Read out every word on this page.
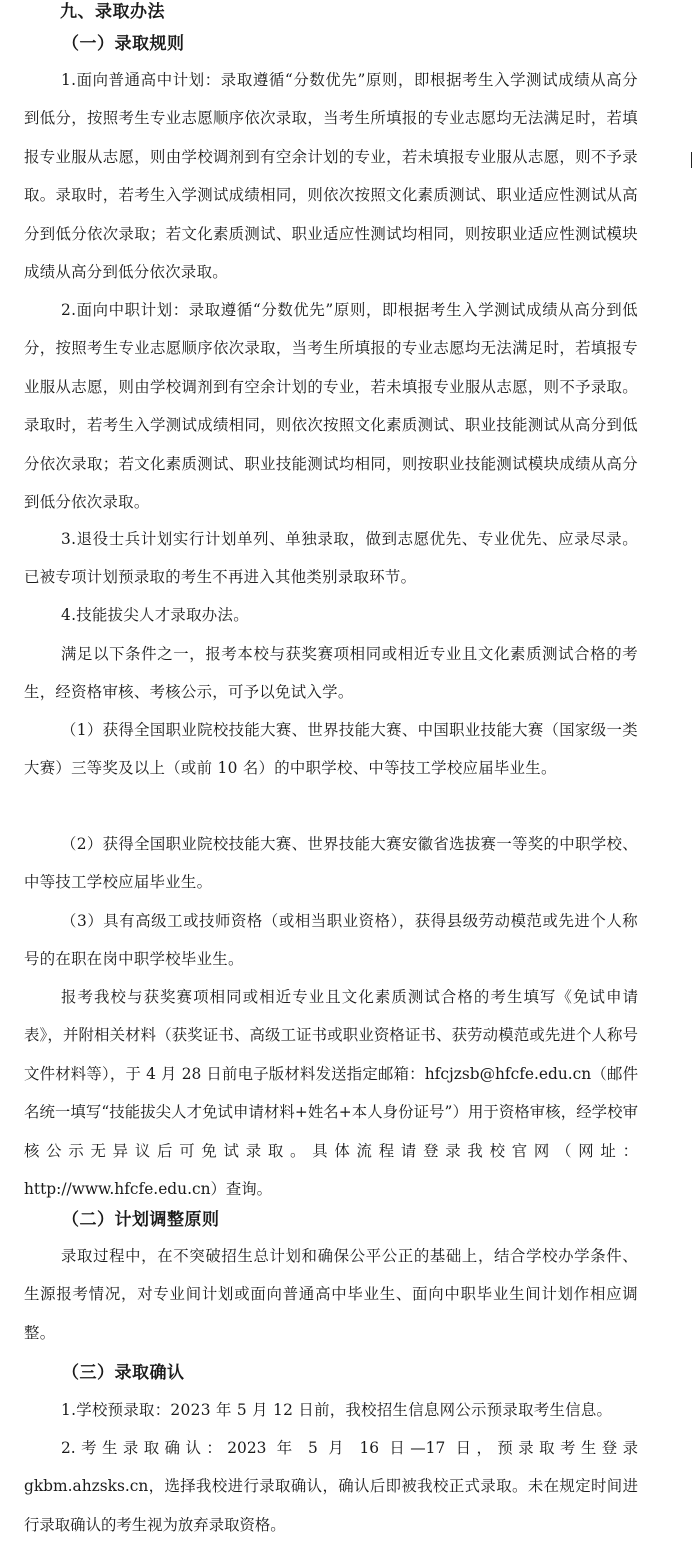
九、录取办法
（一）录取规则

1.面向普通高中计划：录取遵循“分数优先”原则，即根据考生入学测试成绩从高分到低分，按照考生专业志愿顺序依次录取，当考生所填报的专业志愿均无法满足时，若填报专业服从志愿，则由学校调剂到有空余计划的专业，若未填报专业服从志愿，则不予录取。录取时，若考生入学测试成绩相同，则依次按照文化素质测试、职业适应性测试从高分到低分依次录取；若文化素质测试、职业适应性测试均相同，则按职业适应性测试模块成绩从高分到低分依次录取。

2.面向中职计划：录取遵循“分数优先”原则，即根据考生入学测试成绩从高分到低分，按照考生专业志愿顺序依次录取，当考生所填报的专业志愿均无法满足时，若填报专业服从志愿，则由学校调剂到有空余计划的专业，若未填报专业服从志愿，则不予录取。录取时，若考生入学测试成绩相同，则依次按照文化素质测试、职业技能测试从高分到低分依次录取；若文化素质测试、职业技能测试均相同，则按职业技能测试模块成绩从高分到低分依次录取。

3.退役士兵计划实行计划单列、单独录取，做到志愿优先、专业优先、应录尽录。已被专项计划预录取的考生不再进入其他类别录取环节。

4.技能拔尖人才录取办法。

满足以下条件之一，报考本校与获奖赛项相同或相近专业且文化素质测试合格的考生，经资格审核、考核公示，可予以免试入学。

（1）获得全国职业院校技能大赛、世界技能大赛、中国职业技能大赛（国家级一类大赛）三等奖及以上（或前 10 名）的中职学校、中等技工学校应届毕业生。

（2）获得全国职业院校技能大赛、世界技能大赛安徽省选拔赛一等奖的中职学校、中等技工学校应届毕业生。

（3）具有高级工或技师资格（或相当职业资格），获得县级劳动模范或先进个人称号的在职在岗中职学校毕业生。

报考我校与获奖赛项相同或相近专业且文化素质测试合格的考生填写《免试申请表》，并附相关材料（获奖证书、高级工证书或职业资格证书、获劳动模范或先进个人称号文件材料等），于 4 月 28 日前电子版材料发送指定邮箱：hfcjzsb@hfcfe.edu.cn（邮件名统一填写“技能拔尖人才免试申请材料+姓名+本人身份证号”）用于资格审核，经学校审核公示无异议后可免试录取。具体流程请登录我校官网（网址：http://www.hfcfe.edu.cn）查询。

（二）计划调整原则

录取过程中，在不突破招生总计划和确保公平公正的基础上，结合学校办学条件、生源报考情况，对专业间计划或面向普通高中毕业生、面向中职毕业生间计划作相应调整。

（三）录取确认

1.学校预录取：2023 年 5 月 12 日前，我校招生信息网公示预录取考生信息。

2.考生录取确认：2023 年 5 月 16 日—17 日，预录取考生登录 gkbm.ahzsks.cn，选择我校进行录取确认，确认后即被我校正式录取。未在规定时间进行录取确认的考生视为放弃录取资格。
